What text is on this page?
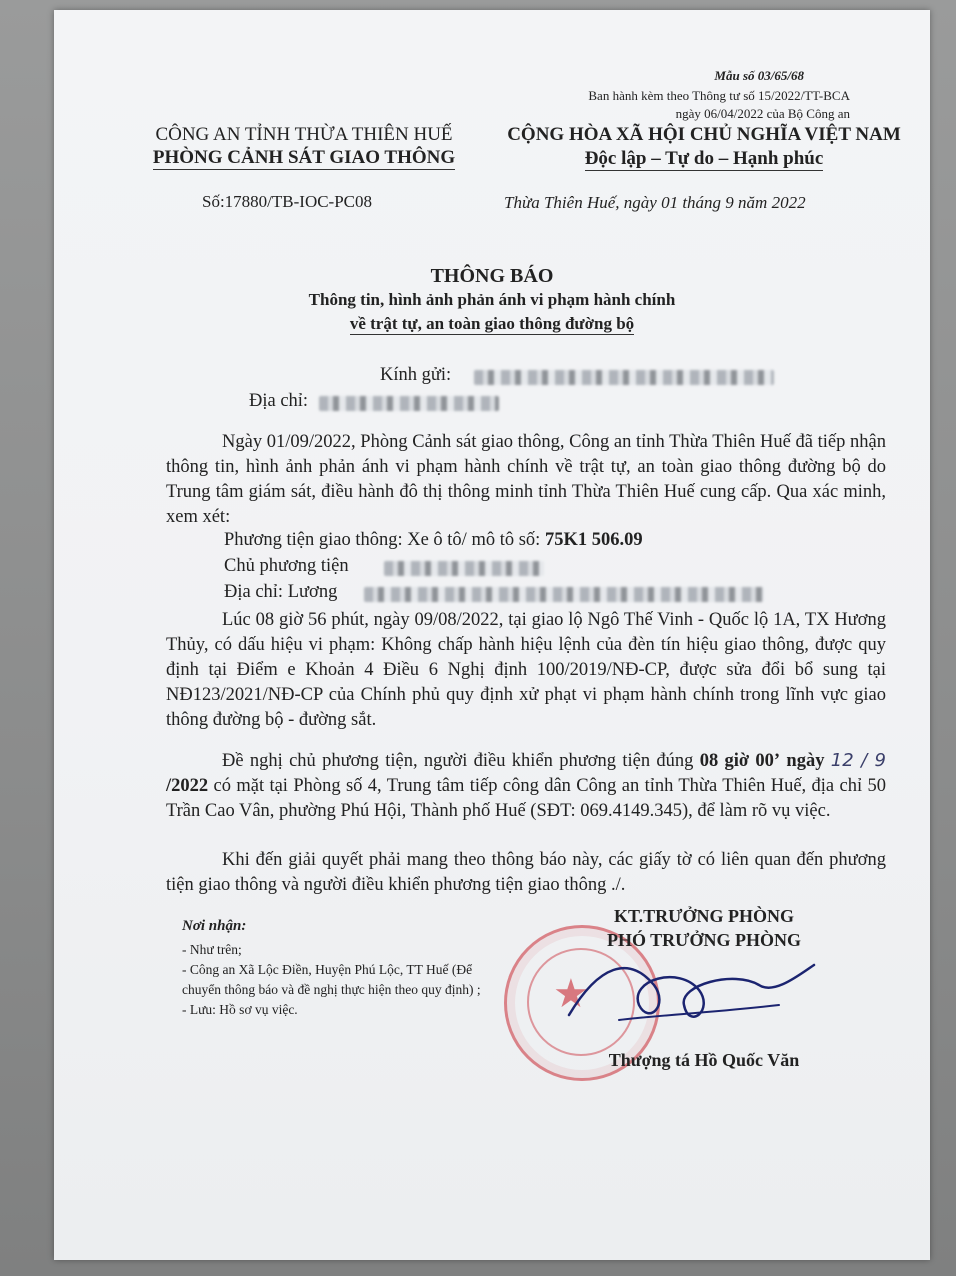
Mẫu số 03/65/68
Ban hành kèm theo Thông tư số 15/2022/TT-BCA
ngày 06/04/2022 của Bộ Công an
CÔNG AN TỈNH THỪA THIÊN HUẾ
PHÒNG CẢNH SÁT GIAO THÔNG
Số:17880/TB-IOC-PC08
CỘNG HÒA XÃ HỘI CHỦ NGHĨA VIỆT NAM
Độc lập – Tự do – Hạnh phúc
Thừa Thiên Huế, ngày 01 tháng 9 năm 2022
THÔNG BÁO
Thông tin, hình ảnh phản ánh vi phạm hành chính
về trật tự, an toàn giao thông đường bộ
Kính gửi:
Địa chỉ:
Ngày 01/09/2022, Phòng Cảnh sát giao thông, Công an tỉnh Thừa Thiên Huế đã tiếp nhận thông tin, hình ảnh phản ánh vi phạm hành chính về trật tự, an toàn giao thông đường bộ do Trung tâm giám sát, điều hành đô thị thông minh tỉnh Thừa Thiên Huế cung cấp. Qua xác minh, xem xét:
Phương tiện giao thông: Xe ô tô/ mô tô số: 75K1 506.09
Chủ phương tiện
Địa chỉ: Lương
Lúc 08 giờ 56 phút, ngày 09/08/2022, tại giao lộ Ngô Thế Vinh - Quốc lộ 1A, TX Hương Thủy, có dấu hiệu vi phạm: Không chấp hành hiệu lệnh của đèn tín hiệu giao thông, được quy định tại Điểm e Khoản 4 Điều 6 Nghị định 100/2019/NĐ-CP, được sửa đổi bổ sung tại NĐ123/2021/NĐ-CP của Chính phủ quy định xử phạt vi phạm hành chính trong lĩnh vực giao thông đường bộ - đường sắt.
Đề nghị chủ phương tiện, người điều khiển phương tiện đúng 08 giờ 00’ ngày 12 / 9 /2022 có mặt tại Phòng số 4, Trung tâm tiếp công dân Công an tỉnh Thừa Thiên Huế, địa chỉ 50 Trần Cao Vân, phường Phú Hội, Thành phố Huế (SĐT: 069.4149.345), để làm rõ vụ việc.
Khi đến giải quyết phải mang theo thông báo này, các giấy tờ có liên quan đến phương tiện giao thông và người điều khiển phương tiện giao thông ./.
Nơi nhận:
- Như trên;
- Công an Xã Lộc Điền, Huyện Phú Lộc, TT Huế (Để chuyển thông báo và đề nghị thực hiện theo quy định) ;
- Lưu: Hồ sơ vụ việc.	★
KT.TRƯỞNG PHÒNG
PHÓ TRƯỞNG PHÒNG
Thượng tá Hồ Quốc Văn
